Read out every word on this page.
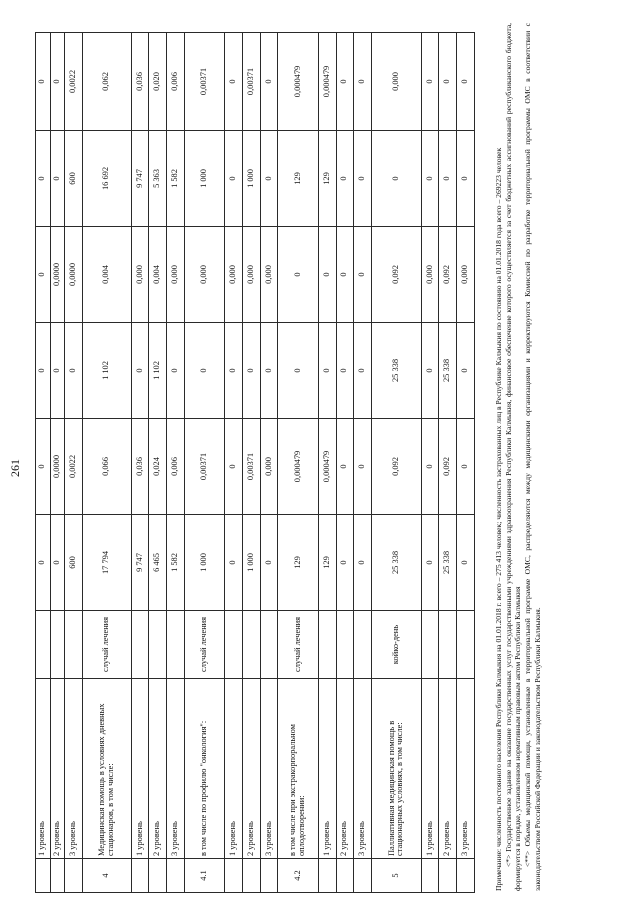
261
	1 уровень		0	0	0	0	0	0
	2 уровень		0	0,0000	0	0,0000	0	0
	3 уровень		600	0,0022	0	0,0000	600	0,0022
4	Медицинская помощь в условиях дневных стационаров, в том числе:	случай лечения	17 794	0,066	1 102	0,004	16 692	0,062
	1 уровень		9 747	0,036	0	0,000	9 747	0,036
	2 уровень		6 465	0,024	1 102	0,004	5 363	0,020
	3 уровень		1 582	0,006	0	0,000	1 582	0,006
4.1	в том числе по профилю "онкология":	случай лечения	1 000	0,00371	0	0,000	1 000	0,00371
	1 уровень		0	0	0	0,000	0	0
	2 уровень		1 000	0,00371	0	0,000	1 000	0,00371
	3 уровень		0	0,000	0	0,000	0	0
4.2	в том числе при экстракорпоральном оплодотворении:	случай лечения	129	0,000479	0	0	129	0,000479
	1 уровень		129	0,000479	0	0	129	0,000479
	2 уровень		0	0	0	0	0	0
	3 уровень		0	0	0	0	0	0
5	Паллиативная медицинская помощь в стационарных условиях, в том числе:	койко-день	25 338	0,092	25 338	0,092	0	0,000
	1 уровень		0	0	0	0,000	0	0
	2 уровень		25 338	0,092	25 338	0,092	0	0
	3 уровень		0	0	0	0,000	0	0

Примечание: численность постоянного населения Республики Калмыкия на 01.01.2018 г. всего – 275 413 человек; численность застрахованных лиц в Республике Калмыкия по состоянию на 01.01.2018 года всего – 269223 человек <*> Государственное задание на оказание государственных услуг государственными учреждениями здравоохранения Республики Калмыкия, финансовое обеспечение которого осуществляется за счет бюджетных ассигнований республиканского бюджета, формируется в порядке, установленном нормативным правовым актом Республики Калмыкия <**> Объемы медицинской помощи, установленные в территориальной программе ОМС, распределяются между медицинскими организациями и корректируются Комиссией по разработке территориальной программы ОМС в соответствии с законодательством Российской Федерации и законодательством Республики Калмыкия.
